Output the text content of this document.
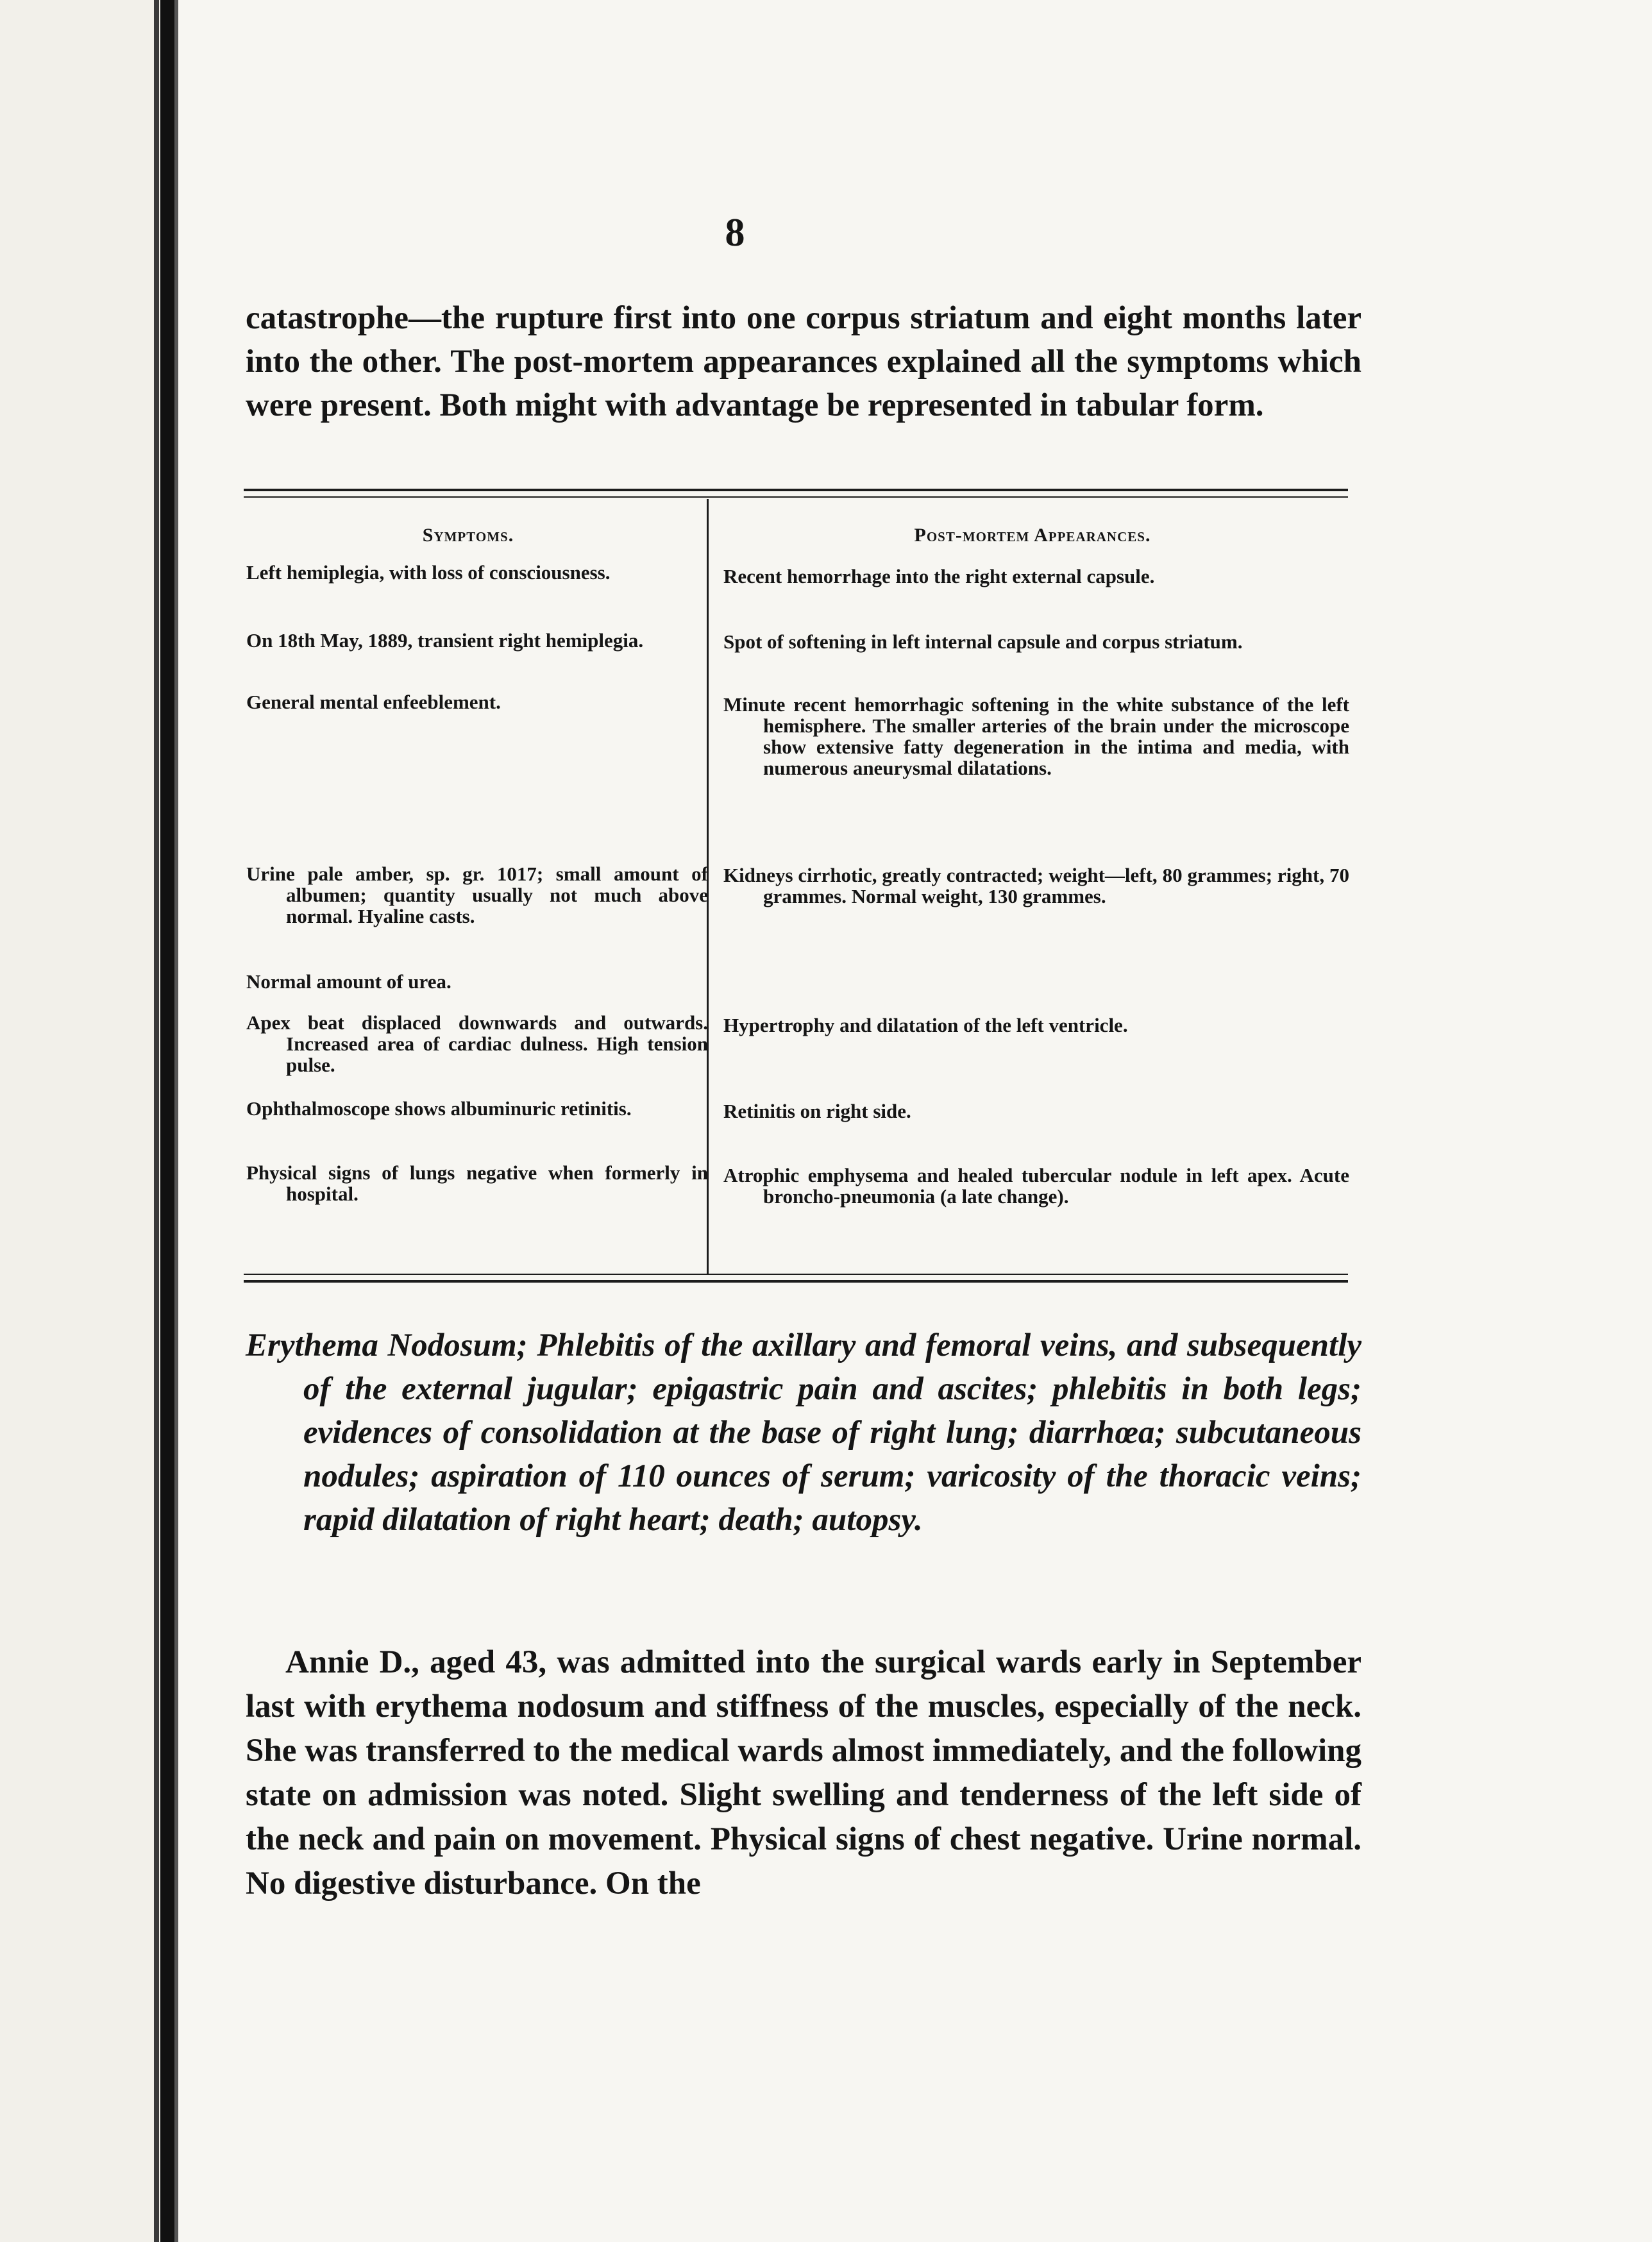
8
catastrophe—the rupture first into one corpus striatum and eight months later into the other. The post-mortem appearances explained all the symptoms which were present. Both might with advantage be represented in tabular form.
Symptoms.	Post-mortem Appearances.
Left hemiplegia, with loss of consciousness.
On 18th May, 1889, transient right hemiplegia.
General mental enfeeblement.
Urine pale amber, sp. gr. 1017; small amount of albumen; quantity usually not much above normal. Hyaline casts.
Normal amount of urea.
Apex beat displaced downwards and outwards. Increased area of cardiac dulness. High tension pulse.
Ophthalmoscope shows albuminuric retinitis.
Physical signs of lungs negative when formerly in hospital.
Recent hemorrhage into the right external capsule.
Spot of softening in left internal capsule and corpus striatum.
Minute recent hemorrhagic softening in the white substance of the left hemisphere. The smaller arteries of the brain under the microscope show extensive fatty degeneration in the intima and media, with numerous aneurysmal dilatations.
Kidneys cirrhotic, greatly contracted; weight—left, 80 grammes; right, 70 grammes. Normal weight, 130 grammes.
Hypertrophy and dilatation of the left ventricle.
Retinitis on right side.
Atrophic emphysema and healed tubercular nodule in left apex. Acute broncho-pneumonia (a late change).
Erythema Nodosum; Phlebitis of the axillary and femoral veins, and subsequently of the external jugular; epigastric pain and ascites; phlebitis in both legs; evidences of consolidation at the base of right lung; diarrhœa; subcutaneous nodules; aspiration of 110 ounces of serum; varicosity of the thoracic veins; rapid dilatation of right heart; death; autopsy.
Annie D., aged 43, was admitted into the surgical wards early in September last with erythema nodosum and stiffness of the muscles, especially of the neck. She was transferred to the medical wards almost immediately, and the following state on admission was noted. Slight swelling and tenderness of the left side of the neck and pain on movement. Physical signs of chest negative. Urine normal. No digestive disturbance. On the
